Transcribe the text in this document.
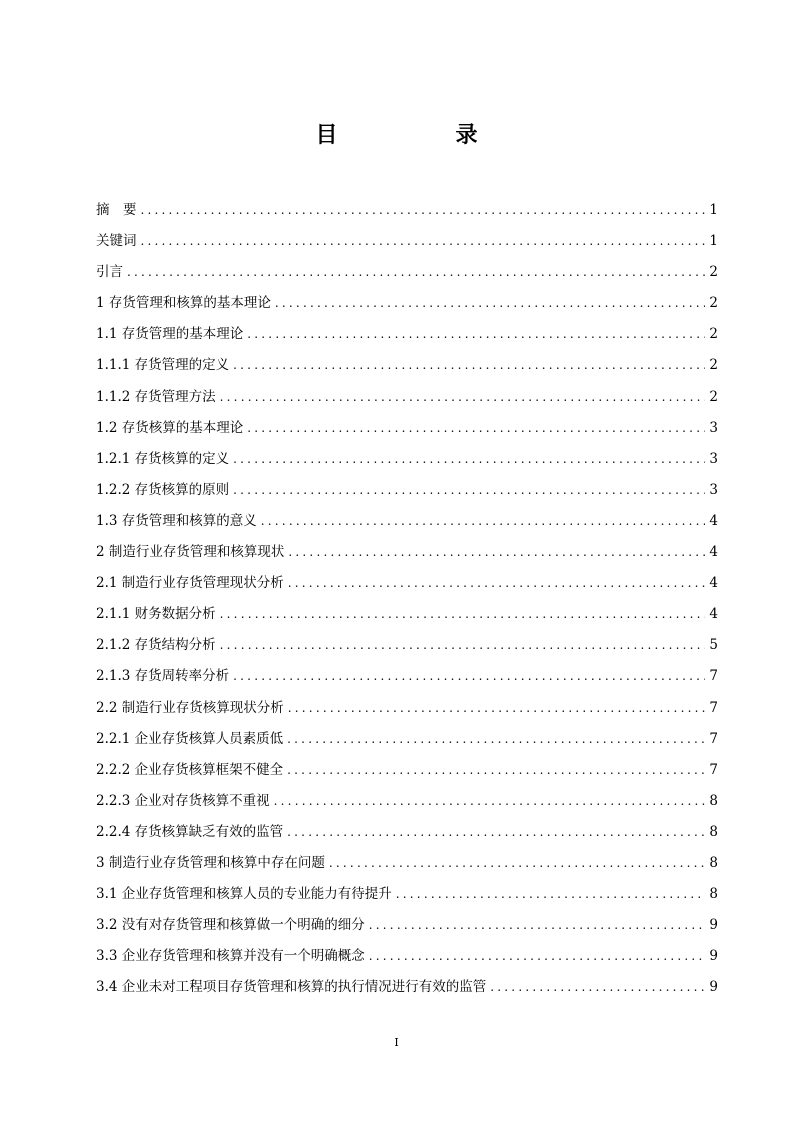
目　录
摘　要 .....	1
关键词 .....	1
引言 .....	2
1 存货管理和核算的基本理论 .....	2
1.1 存货管理的基本理论 .....	2
1.1.1 存货管理的定义 .....	2
1.1.2 存货管理方法 .....	2
1.2 存货核算的基本理论 .....	3
1.2.1 存货核算的定义 .....	3
1.2.2 存货核算的原则 .....	3
1.3 存货管理和核算的意义 .....	4
2 制造行业存货管理和核算现状 .....	4
2.1 制造行业存货管理现状分析 .....	4
2.1.1 财务数据分析 .....	4
2.1.2 存货结构分析 .....	5
2.1.3 存货周转率分析 .....	7
2.2 制造行业存货核算现状分析 .....	7
2.2.1 企业存货核算人员素质低 .....	7
2.2.2 企业存货核算框架不健全 .....	7
2.2.3 企业对存货核算不重视 .....	8
2.2.4 存货核算缺乏有效的监管 .....	8
3 制造行业存货管理和核算中存在问题 .....	8
3.1 企业存货管理和核算人员的专业能力有待提升 .....	8
3.2 没有对存货管理和核算做一个明确的细分 .....	9
3.3 企业存货管理和核算并没有一个明确概念 .....	9
3.4 企业未对工程项目存货管理和核算的执行情况进行有效的监管 .....	9
I
